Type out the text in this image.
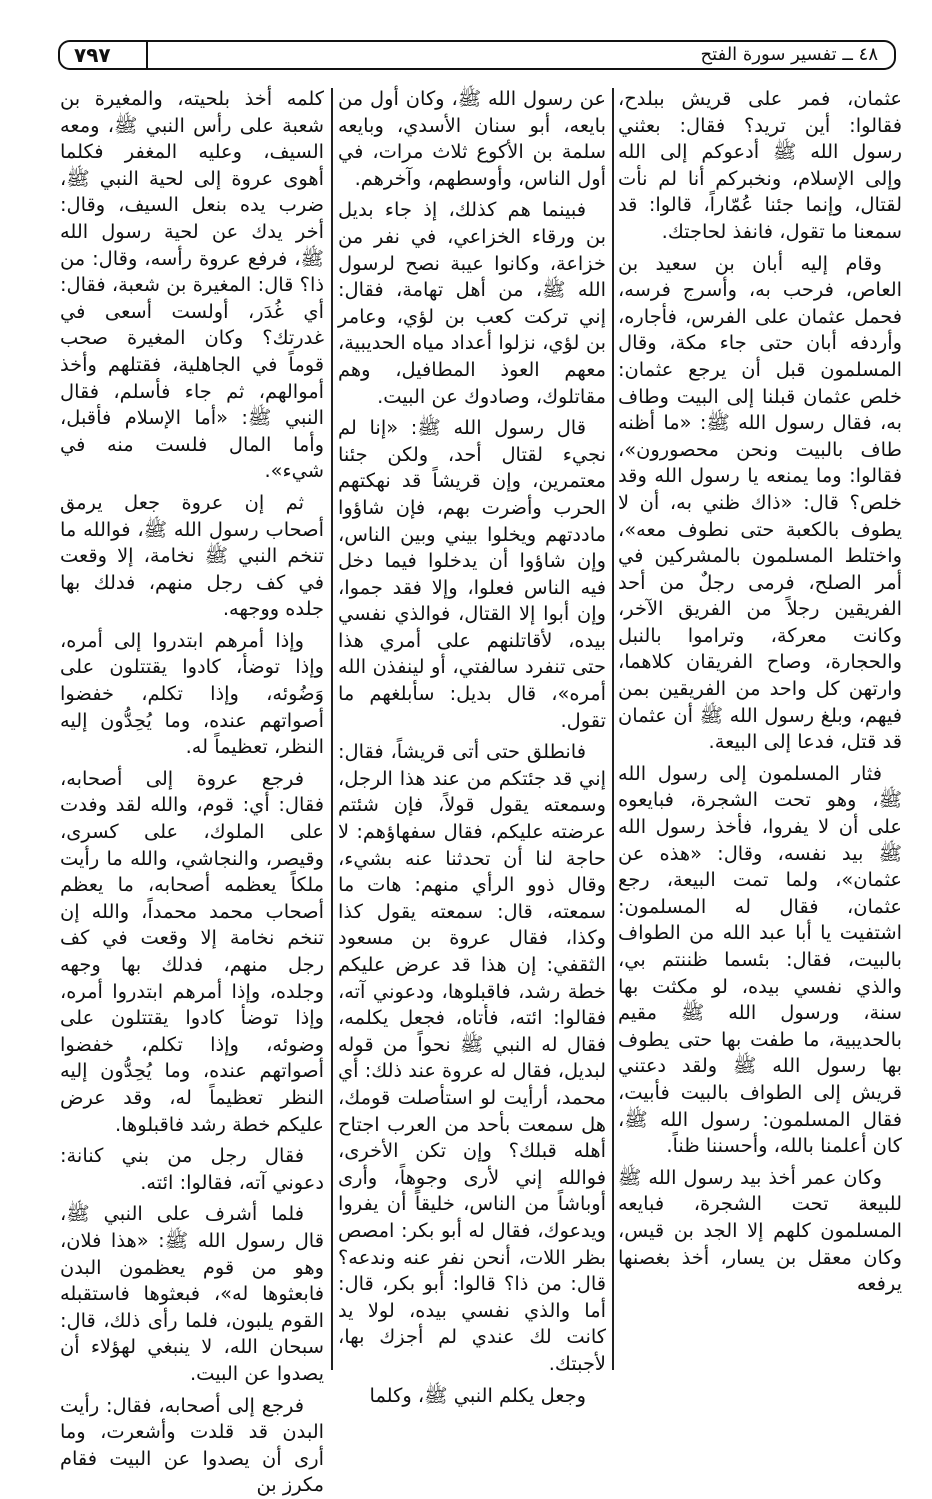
٤٨ ــ تفسير سورة الفتح
٧٩٧

عثمان، فمر على قريش ببلدح، فقالوا: أين تريد؟ فقال: بعثني رسول الله ﷺ أدعوكم إلى الله وإلى الإسلام، ونخبركم أنا لم نأت لقتال، وإنما جئنا عُمّاراً، قالوا: قد سمعنا ما تقول، فانفذ لحاجتك.

وقام إليه أبان بن سعيد بن العاص، فرحب به، وأسرج فرسه، فحمل عثمان على الفرس، فأجاره، وأردفه أبان حتى جاء مكة، وقال المسلمون قبل أن يرجع عثمان: خلص عثمان قبلنا إلى البيت وطاف به، فقال رسول الله ﷺ: «ما أظنه طاف بالبيت ونحن محصورون»، فقالوا: وما يمنعه يا رسول الله وقد خلص؟ قال: «ذاك ظني به، أن لا يطوف بالكعبة حتى نطوف معه»، واختلط المسلمون بالمشركين في أمر الصلح، فرمى رجلٌ من أحد الفريقين رجلاً من الفريق الآخر، وكانت معركة، وتراموا بالنبل والحجارة، وصاح الفريقان كلاهما، وارتهن كل واحد من الفريقين بمن فيهم، وبلغ رسول الله ﷺ أن عثمان قد قتل، فدعا إلى البيعة.

فثار المسلمون إلى رسول الله ﷺ، وهو تحت الشجرة، فبايعوه على أن لا يفروا، فأخذ رسول الله ﷺ بيد نفسه، وقال: «هذه عن عثمان»، ولما تمت البيعة، رجع عثمان، فقال له المسلمون: اشتفيت يا أبا عبد الله من الطواف بالبيت، فقال: بئسما ظننتم بي، والذي نفسي بيده، لو مكثت بها سنة، ورسول الله ﷺ مقيم بالحديبية، ما طفت بها حتى يطوف بها رسول الله ﷺ ولقد دعتني قريش إلى الطواف بالبيت فأبيت، فقال المسلمون: رسول الله ﷺ، كان أعلمنا بالله، وأحسننا ظناً.

وكان عمر أخذ بيد رسول الله ﷺ للبيعة تحت الشجرة، فبايعه المسلمون كلهم إلا الجد بن قيس، وكان معقل بن يسار، أخذ بغصنها يرفعه

عن رسول الله ﷺ، وكان أول من بايعه، أبو سنان الأسدي، وبايعه سلمة بن الأكوع ثلاث مرات، في أول الناس، وأوسطهم، وآخرهم.

فبينما هم كذلك، إذ جاء بديل بن ورقاء الخزاعي، في نفر من خزاعة، وكانوا عيبة نصح لرسول الله ﷺ، من أهل تهامة، فقال: إني تركت كعب بن لؤي، وعامر بن لؤي، نزلوا أعداد مياه الحديبية، معهم العوذ المطافيل، وهم مقاتلوك، وصادوك عن البيت.

قال رسول الله ﷺ: «إنا لم نجيء لقتال أحد، ولكن جئنا معتمرين، وإن قريشاً قد نهكتهم الحرب وأضرت بهم، فإن شاؤوا ماددتهم ويخلوا بيني وبين الناس، وإن شاؤوا أن يدخلوا فيما دخل فيه الناس فعلوا، وإلا فقد جموا، وإن أبوا إلا القتال، فوالذي نفسي بيده، لأقاتلنهم على أمري هذا حتى تنفرد سالفتي، أو لينفذن الله أمره»، قال بديل: سأبلغهم ما تقول.

فانطلق حتى أتى قريشاً، فقال: إني قد جئتكم من عند هذا الرجل، وسمعته يقول قولاً، فإن شئتم عرضته عليكم، فقال سفهاؤهم: لا حاجة لنا أن تحدثنا عنه بشيء، وقال ذوو الرأي منهم: هات ما سمعته، قال: سمعته يقول كذا وكذا، فقال عروة بن مسعود الثقفي: إن هذا قد عرض عليكم خطة رشد، فاقبلوها، ودعوني آته، فقالوا: ائته، فأتاه، فجعل يكلمه، فقال له النبي ﷺ نحواً من قوله لبديل، فقال له عروة عند ذلك: أي محمد، أرأيت لو استأصلت قومك، هل سمعت بأحد من العرب اجتاح أهله قبلك؟ وإن تكن الأخرى، فوالله إني لأرى وجوهاً، وأرى أوباشاً من الناس، خليقاً أن يفروا ويدعوك، فقال له أبو بكر: امصص بظر اللات، أنحن نفر عنه وندعه؟ قال: من ذا؟ قالوا: أبو بكر، قال: أما والذي نفسي بيده، لولا يد كانت لك عندي لم أجزك بها، لأجبتك.

وجعل يكلم النبي ﷺ، وكلما

كلمه أخذ بلحيته، والمغيرة بن شعبة على رأس النبي ﷺ، ومعه السيف، وعليه المغفر فكلما أهوى عروة إلى لحية النبي ﷺ، ضرب يده بنعل السيف، وقال: أخر يدك عن لحية رسول الله ﷺ، فرفع عروة رأسه، وقال: من ذا؟ قال: المغيرة بن شعبة، فقال: أي غُدَر، أولست أسعى في غدرتك؟ وكان المغيرة صحب قوماً في الجاهلية، فقتلهم وأخذ أموالهم، ثم جاء فأسلم، فقال النبي ﷺ: «أما الإسلام فأقبل، وأما المال فلست منه في شيء».

ثم إن عروة جعل يرمق أصحاب رسول الله ﷺ، فوالله ما تنخم النبي ﷺ نخامة، إلا وقعت في كف رجل منهم، فدلك بها جلده ووجهه.

وإذا أمرهم ابتدروا إلى أمره، وإذا توضأ، كادوا يقتتلون على وَضُوئه، وإذا تكلم، خفضوا أصواتهم عنده، وما يُحِدُّون إليه النظر، تعظيماً له.

فرجع عروة إلى أصحابه، فقال: أي: قوم، والله لقد وفدت على الملوك، على كسرى، وقيصر، والنجاشي، والله ما رأيت ملكاً يعظمه أصحابه، ما يعظم أصحاب محمد محمداً، والله إن تنخم نخامة إلا وقعت في كف رجل منهم، فدلك بها وجهه وجلده، وإذا أمرهم ابتدروا أمره، وإذا توضأ كادوا يقتتلون على وضوئه، وإذا تكلم، خفضوا أصواتهم عنده، وما يُحِدُّون إليه النظر تعظيماً له، وقد عرض عليكم خطة رشد فاقبلوها.

فقال رجل من بني كنانة: دعوني آته، فقالوا: ائته.

فلما أشرف على النبي ﷺ، قال رسول الله ﷺ: «هذا فلان، وهو من قوم يعظمون البدن فابعثوها له»، فبعثوها فاستقبله القوم يلبون، فلما رأى ذلك، قال: سبحان الله، لا ينبغي لهؤلاء أن يصدوا عن البيت.

فرجع إلى أصحابه، فقال: رأيت البدن قد قلدت وأشعرت، وما أرى أن يصدوا عن البيت فقام مكرز بن
